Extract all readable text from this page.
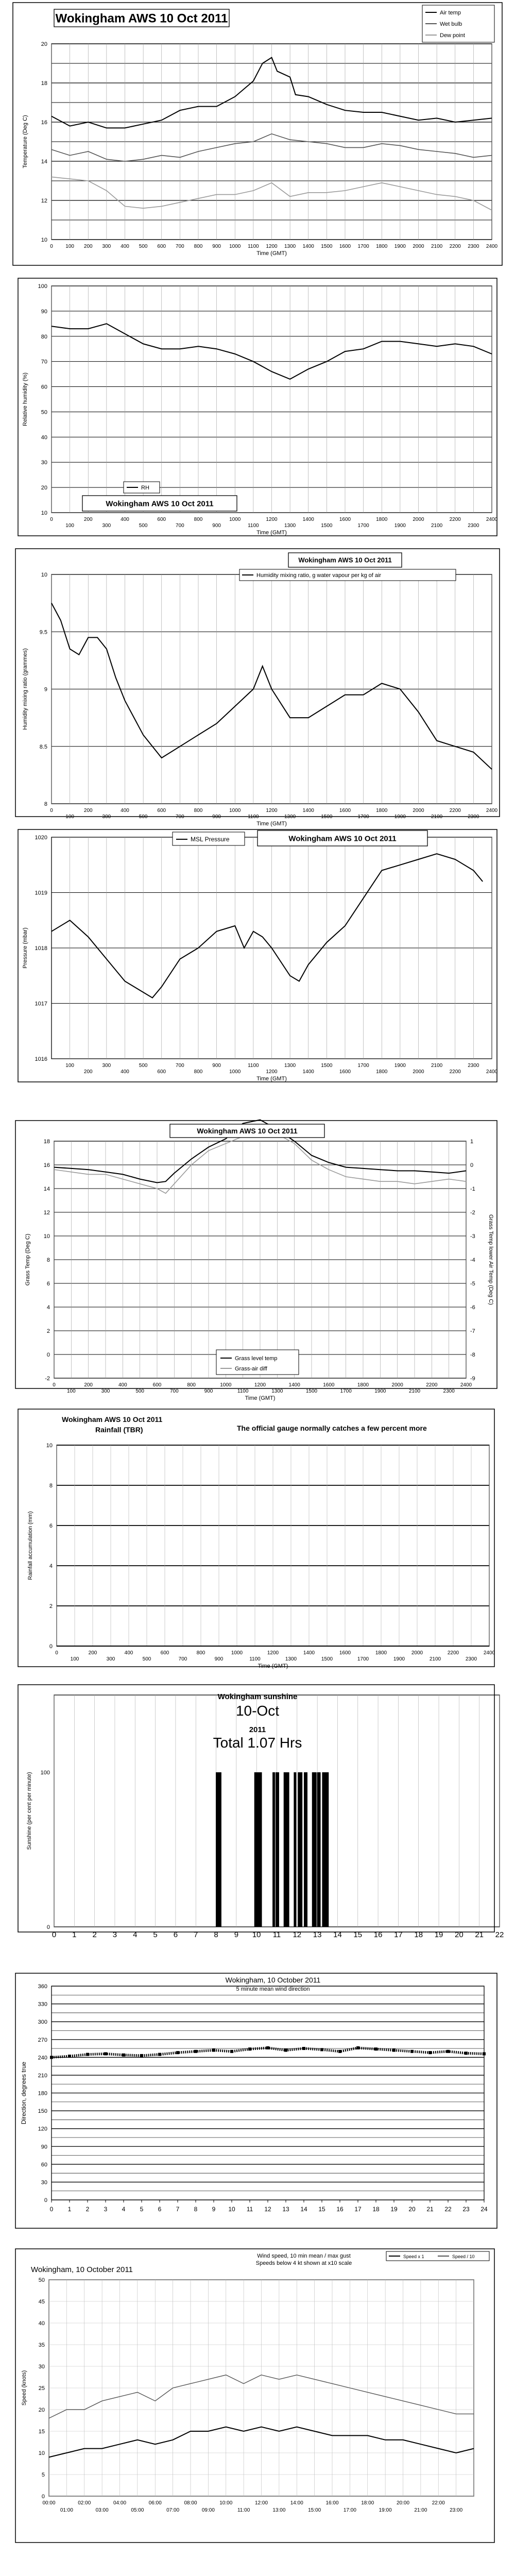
10
12
14
16
18
20
0 100 200 300 400 500 600 700 800 900 1000 1100 1200 1300 1400 1500 1600 1700 1800 1900 2000 2100 2200 2300 2400
Time (GMT)
Temperature (Deg C)
Wokingham AWS 10 Oct 2011	Air temp
Wet bulb
Dew point
10
20
30
40
50
60
70
80
90
100
0
100
200
300
400
500
600
700
800
900
1000
1100
1200
1300
1400
1500
1600
1700
1800
1900
2000
2100
2200
2300
2400
Time (GMT)
Relative humidity (%)
RH
Wokingham AWS 10 Oct 2011
8
8.5
9
9.5
10
0
100
200
300
400
500
600
700
800
900
1000
1100
1200
1300
1400
1500
1600
1700
1800
1900
2000
2100
2200
2300
2400
Time (GMT)
Humidity mixing ratio (grammes)
Wokingham AWS 10 Oct 2011
Humidity mixing ratio, g water vapour per kg of air
1016
1017
1018
1019
1020
100
200
300
400
500
600
700
800
900
1000
1100
1200
1300
1400
1500
1600
1700
1800
1900
2000
2100
2200
2300
2400
Time (GMT)
Pressure (mbar)
MSL Pressure	Wokingham AWS 10 Oct 2011
-2
0
2
4
6
8
10
12
14
16
18
0
100
200
300
400
500
600
700
800
900
1000
1100
1200
1300
1400
1500
1600
1700
1800
1900
2000
2100
2200
2300
2400
Time (GMT)
Grass Temp (Deg C)
-9
-8
-7
-6
-5
-4
-3
-2
-1
0
1
Grass Temp lower Air Temp (Deg C)
Wokingham AWS 10 Oct 2011
Grass level temp
Grass-air diff
0
2
4
6
8
10
0
100
200
300
400
500
600
700
800
900
1000
1100
1200
1300
1400
1500
1600
1700
1800
1900
2000
2100
2200
2300
2400
Time (GMT)
Rainfall accumulation (mm)
Wokingham AWS 10 Oct 2011
Rainfall (TBR)	The official gauge normally catches a few percent more
0 1 2 3 4 5 6 7 8 9 10 11 12 13 14 15 16 17 18 19 20 21 22
0
100
Sunshine (per cent per minute)
Wokingham sunshine
10-Oct
2011
Total 1.07 Hrs
0
30
60
90
120
150
180
210
240
270
300
330
360
0 1 2 3 4 5 6 7 8 9 10 11 12 13 14 15 16 17 18 19 20 21 22 23 24
Direction, degrees true
Wokingham, 10 October 2011
5 minute mean wind direction
0
5
10
15
20
25
30
35
40
45
50
00:00	02:00	04:00	06:00	08:00	10:00	12:00	14:00	16:00	18:00	20:00	22:00
01:00	03:00	05:00	07:00	09:00	11:00	13:00	15:00	17:00	19:00	21:00	23:00
Speed (knots)
Wokingham, 10 October 2011
Wind speed, 10 min mean / max gust
Speeds below 4 kt shown at x10 scale
Speed x 1	Speed / 10
